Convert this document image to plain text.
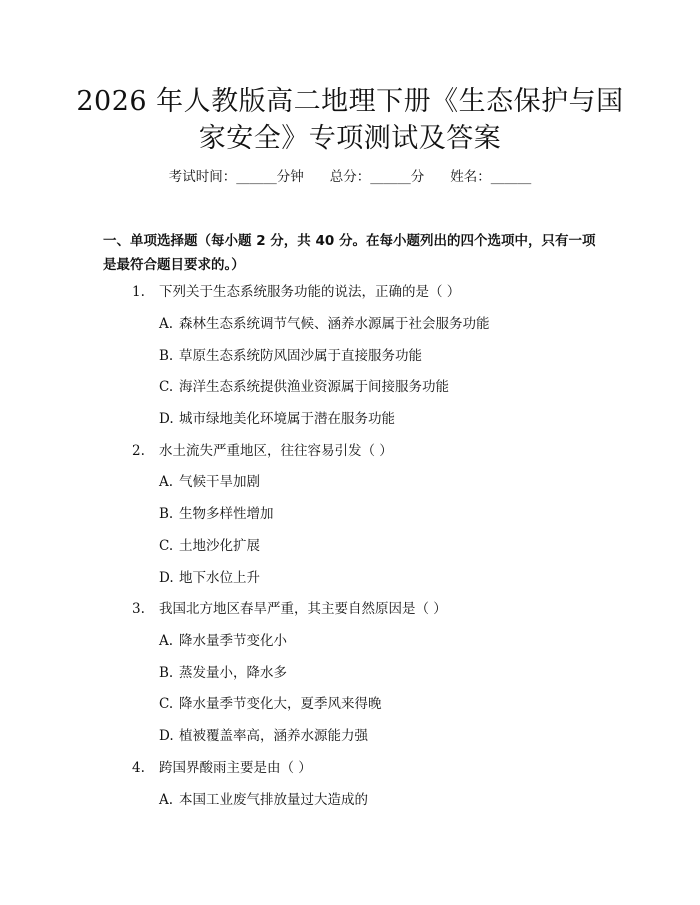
2026 年人教版高二地理下册《生态保护与国
家安全》专项测试及答案
考试时间：______分钟 总分：______分 姓名：______
一、单项选择题（每小题 2 分，共 40 分。在每小题列出的四个选项中，只有一项
是最符合题目要求的。）
1. 下列关于生态系统服务功能的说法，正确的是（ ）
A. 森林生态系统调节气候、涵养水源属于社会服务功能
B. 草原生态系统防风固沙属于直接服务功能
C. 海洋生态系统提供渔业资源属于间接服务功能
D. 城市绿地美化环境属于潜在服务功能
2. 水土流失严重地区，往往容易引发（ ）
A. 气候干旱加剧
B. 生物多样性增加
C. 土地沙化扩展
D. 地下水位上升
3. 我国北方地区春旱严重，其主要自然原因是（ ）
A. 降水量季节变化小
B. 蒸发量小，降水多
C. 降水量季节变化大，夏季风来得晚
D. 植被覆盖率高，涵养水源能力强
4. 跨国界酸雨主要是由（ ）
A. 本国工业废气排放量过大造成的
